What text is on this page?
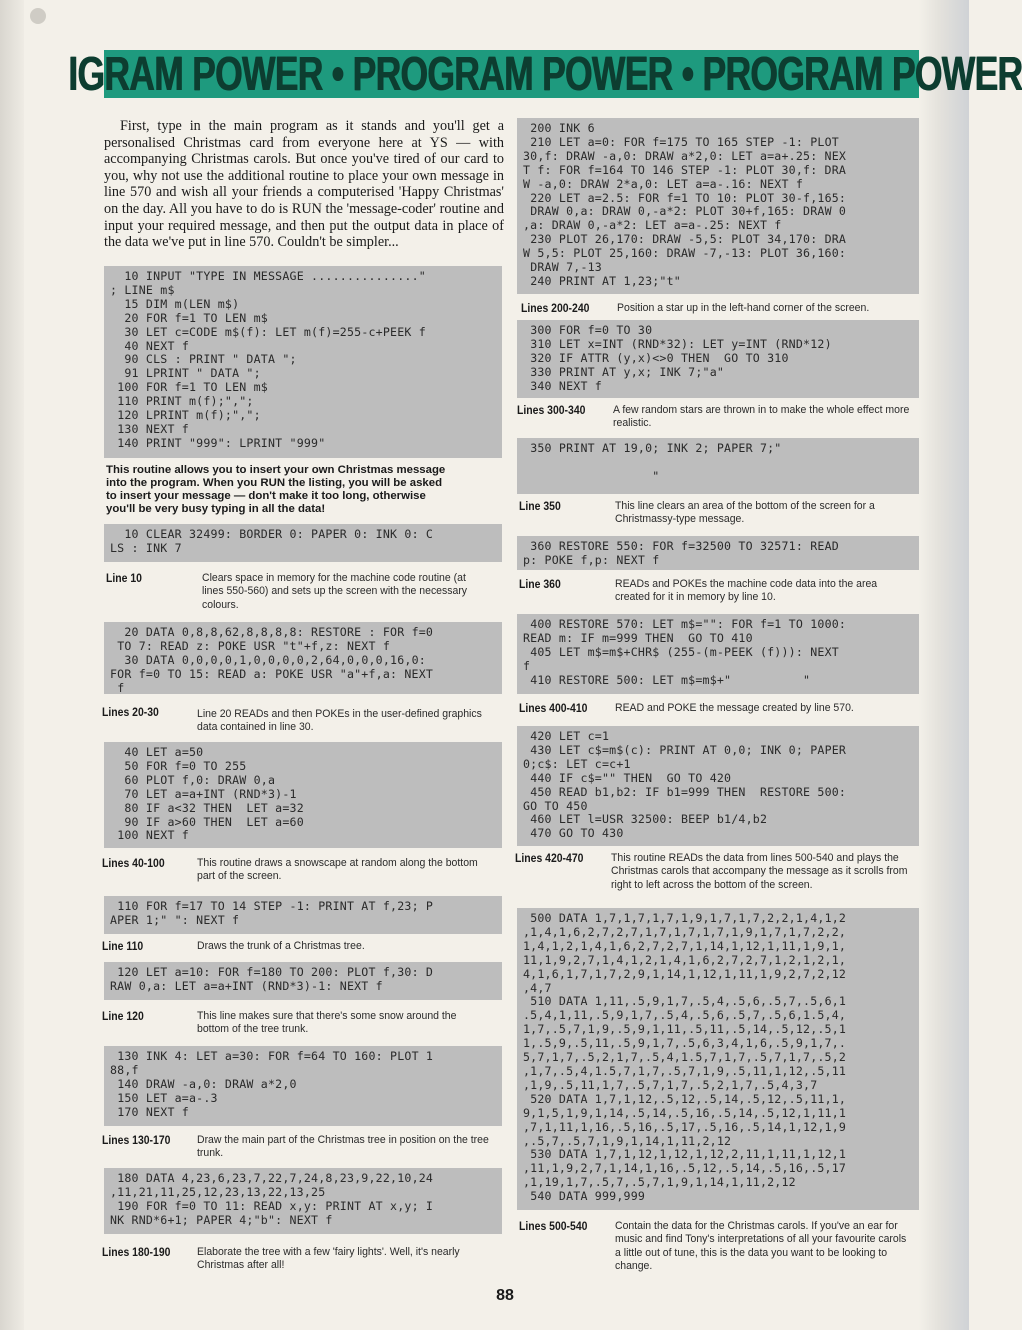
IGRAM POWER • PROGRAM POWER • PROGRAM POWER
First, type in the main program as it stands and you'll get a personalised Christmas card from everyone here at YS — with accompanying Christmas carols. But once you've tired of our card to you, why not use the additional routine to place your own message in line 570 and wish all your friends a computerised 'Happy Christmas' on the day. All you have to do is RUN the 'message-coder' routine and input your required message, and then put the output data in place of the data we've put in line 570. Couldn't be simpler...
10 INPUT "TYPE IN MESSAGE ..............."
; LINE m$
15 DIM m(LEN m$)
20 FOR f=1 TO LEN m$
30 LET c=CODE m$(f): LET m(f)=255-c+PEEK f
40 NEXT f
90 CLS : PRINT " DATA ";
91 LPRINT " DATA ";
100 FOR f=1 TO LEN m$
110 PRINT m(f);",";
120 LPRINT m(f);",";
130 NEXT f
140 PRINT "999": LPRINT "999"
This routine allows you to insert your own Christmas message into the program. When you RUN the listing, you will be asked to insert your message — don't make it too long, otherwise you'll be very busy typing in all the data!
10 CLEAR 32499: BORDER 0: PAPER 0: INK 0: C
LS : INK 7
Line 10	Clears space in memory for the machine code routine (at lines 550-560) and sets up the screen with the necessary colours.
20 DATA 0,8,8,62,8,8,8,8: RESTORE : FOR f=0
TO 7: READ z: POKE USR "t"+f,z: NEXT f
30 DATA 0,0,0,0,1,0,0,0,0,2,64,0,0,0,16,0:
FOR f=0 TO 15: READ a: POKE USR "a"+f,a: NEXT
f
Lines 20-30	Line 20 READs and then POKEs in the user-defined graphics data contained in line 30.
40 LET a=50
50 FOR f=0 TO 255
60 PLOT f,0: DRAW 0,a
70 LET a=a+INT (RND*3)-1
80 IF a<32 THEN  LET a=32
90 IF a>60 THEN  LET a=60
100 NEXT f
Lines 40-100	This routine draws a snowscape at random along the bottom part of the screen.
110 FOR f=17 TO 14 STEP -1: PRINT AT f,23; P
APER 1;" ": NEXT f
Line 110	Draws the trunk of a Christmas tree.
120 LET a=10: FOR f=180 TO 200: PLOT f,30: D
RAW 0,a: LET a=a+INT (RND*3)-1: NEXT f
Line 120	This line makes sure that there's some snow around the bottom of the tree trunk.
130 INK 4: LET a=30: FOR f=64 TO 160: PLOT 1
88,f
140 DRAW -a,0: DRAW a*2,0
150 LET a=a-.3
170 NEXT f
Lines 130-170 Draw the main part of the Christmas tree in position on the tree trunk.
180 DATA 4,23,6,23,7,22,7,24,8,23,9,22,10,24
,11,21,11,25,12,23,13,22,13,25
190 FOR f=0 TO 11: READ x,y: PRINT AT x,y; I
NK RND*6+1; PAPER 4;"b": NEXT f
Lines 180-190 Elaborate the tree with a few 'fairy lights'. Well, it's nearly Christmas after all!
200 INK 6
210 LET a=0: FOR f=175 TO 165 STEP -1: PLOT
30,f: DRAW -a,0: DRAW a*2,0: LET a=a+.25: NEX
T f: FOR f=164 TO 146 STEP -1: PLOT 30,f: DRA
W -a,0: DRAW 2*a,0: LET a=a-.16: NEXT f
220 LET a=2.5: FOR f=1 TO 10: PLOT 30-f,165:
DRAW 0,a: DRAW 0,-a*2: PLOT 30+f,165: DRAW 0
,a: DRAW 0,-a*2: LET a=a-.25: NEXT f
230 PLOT 26,170: DRAW -5,5: PLOT 34,170: DRA
W 5,5: PLOT 25,160: DRAW -7,-13: PLOT 36,160:
DRAW 7,-13
240 PRINT AT 1,23;"t"
Lines 200-240 Position a star up in the left-hand corner of the screen.
300 FOR f=0 TO 30
310 LET x=INT (RND*32): LET y=INT (RND*12)
320 IF ATTR (y,x)<>0 THEN  GO TO 310
330 PRINT AT y,x; INK 7;"a"
340 NEXT f
Lines 300-340 A few random stars are thrown in to make the whole effect more realistic.
350 PRINT AT 19,0; INK 2; PAPER 7;"

"
Line 350	This line clears an area of the bottom of the screen for a Christmassy-type message.
360 RESTORE 550: FOR f=32500 TO 32571: READ
p: POKE f,p: NEXT f
Line 360	READs and POKEs the machine code data into the area created for it in memory by line 10.
400 RESTORE 570: LET m$="": FOR f=1 TO 1000:
READ m: IF m=999 THEN  GO TO 410
405 LET m$=m$+CHR$ (255-(m-PEEK (f))): NEXT
f
410 RESTORE 500: LET m$=m$+"          "
Lines 400-410 READ and POKE the message created by line 570.
420 LET c=1
430 LET c$=m$(c): PRINT AT 0,0; INK 0; PAPER
0;c$: LET c=c+1
440 IF c$="" THEN  GO TO 420
450 READ b1,b2: IF b1=999 THEN  RESTORE 500:
GO TO 450
460 LET l=USR 32500: BEEP b1/4,b2
470 GO TO 430
Lines 420-470 This routine READs the data from lines 500-540 and plays the Christmas carols that accompany the message as it scrolls from right to left across the bottom of the screen.
500 DATA 1,7,1,7,1,7,1,9,1,7,1,7,2,2,1,4,1,2
,1,4,1,6,2,7,2,7,1,7,1,7,1,7,1,9,1,7,1,7,2,2,
1,4,1,2,1,4,1,6,2,7,2,7,1,14,1,12,1,11,1,9,1,
11,1,9,2,7,1,4,1,2,1,4,1,6,2,7,2,7,1,2,1,2,1,
4,1,6,1,7,1,7,2,9,1,14,1,12,1,11,1,9,2,7,2,12
,4,7
510 DATA 1,11,.5,9,1,7,.5,4,.5,6,.5,7,.5,6,1
.5,4,1,11,.5,9,1,7,.5,4,.5,6,.5,7,.5,6,1.5,4,
1,7,.5,7,1,9,.5,9,1,11,.5,11,.5,14,.5,12,.5,1
1,.5,9,.5,11,.5,9,1,7,.5,6,3,4,1,6,.5,9,1,7,.
5,7,1,7,.5,2,1,7,.5,4,1.5,7,1,7,.5,7,1,7,.5,2
,1,7,.5,4,1.5,7,1,7,.5,7,1,9,.5,11,1,12,.5,11
,1,9,.5,11,1,7,.5,7,1,7,.5,2,1,7,.5,4,3,7
520 DATA 1,7,1,12,.5,12,.5,14,.5,12,.5,11,1,
9,1,5,1,9,1,14,.5,14,.5,16,.5,14,.5,12,1,11,1
,7,1,11,1,16,.5,16,.5,17,.5,16,.5,14,1,12,1,9
,.5,7,.5,7,1,9,1,14,1,11,2,12
530 DATA 1,7,1,12,1,12,1,12,2,11,1,11,1,12,1
,11,1,9,2,7,1,14,1,16,.5,12,.5,14,.5,16,.5,17
,1,19,1,7,.5,7,.5,7,1,9,1,14,1,11,2,12
540 DATA 999,999
Lines 500-540 Contain the data for the Christmas carols. If you've an ear for music and find Tony's interpretations of all your favourite carols a little out of tune, this is the data you want to be looking to change.
88
